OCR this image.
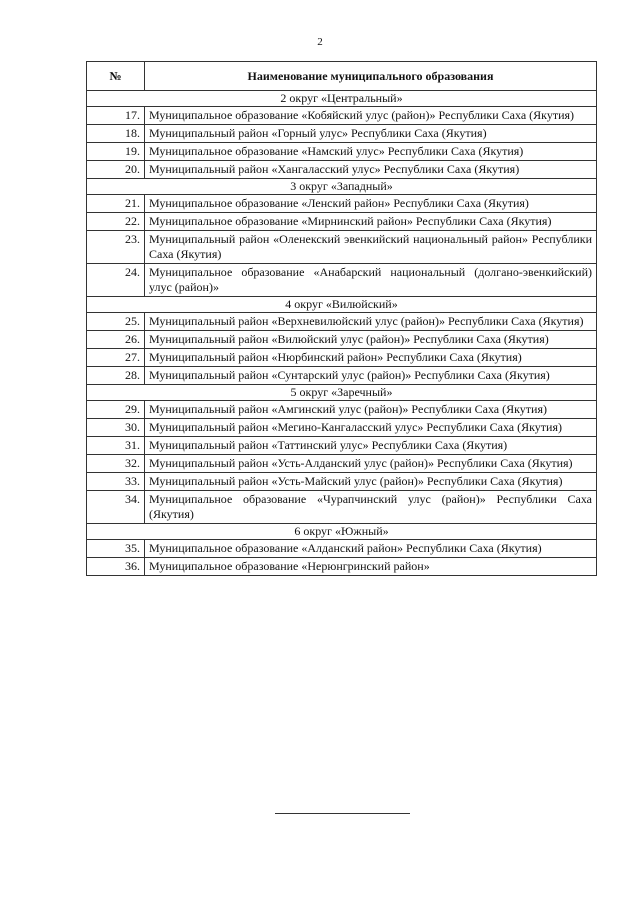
2
№	Наименование муниципального образования
2 округ «Центральный»	
17.	Муниципальное образование «Кобяйский улус (район)» Республики Саха (Якутия)
18.	Муниципальный район «Горный улус» Республики Саха (Якутия)
19.	Муниципальное образование «Намский улус» Республики Саха (Якутия)
20.	Муниципальный район «Хангаласский улус» Республики Саха (Якутия)
3 округ «Западный»	
21.	Муниципальное образование «Ленский район» Республики Саха (Якутия)
22.	Муниципальное образование «Мирнинский район» Республики Саха (Якутия)
23.	Муниципальный район «Оленекский эвенкийский национальный район» Республики Саха (Якутия)
24.	Муниципальное образование «Анабарский национальный (долгано-эвенкийский) улус (район)»
4 округ «Вилюйский»	
25.	Муниципальный район «Верхневилюйский улус (район)» Республики Саха (Якутия)
26.	Муниципальный район «Вилюйский улус (район)» Республики Саха (Якутия)
27.	Муниципальный район «Нюрбинский район» Республики Саха (Якутия)
28.	Муниципальный район «Сунтарский улус (район)» Республики Саха (Якутия)
5 округ «Заречный»	
29.	Муниципальный район «Амгинский улус (район)» Республики Саха (Якутия)
30.	Муниципальный район «Мегино-Кангаласский улус» Республики Саха (Якутия)
31.	Муниципальный район «Таттинский улус» Республики Саха (Якутия)
32.	Муниципальный район «Усть-Алданский улус (район)» Республики Саха (Якутия)
33.	Муниципальный район «Усть-Майский улус (район)» Республики Саха (Якутия)
34.	Муниципальное образование «Чурапчинский улус (район)» Республики Саха (Якутия)
6 округ «Южный»	
35.	Муниципальное образование «Алданский район» Республики Саха (Якутия)
36.	Муниципальное образование «Нерюнгринский район»
